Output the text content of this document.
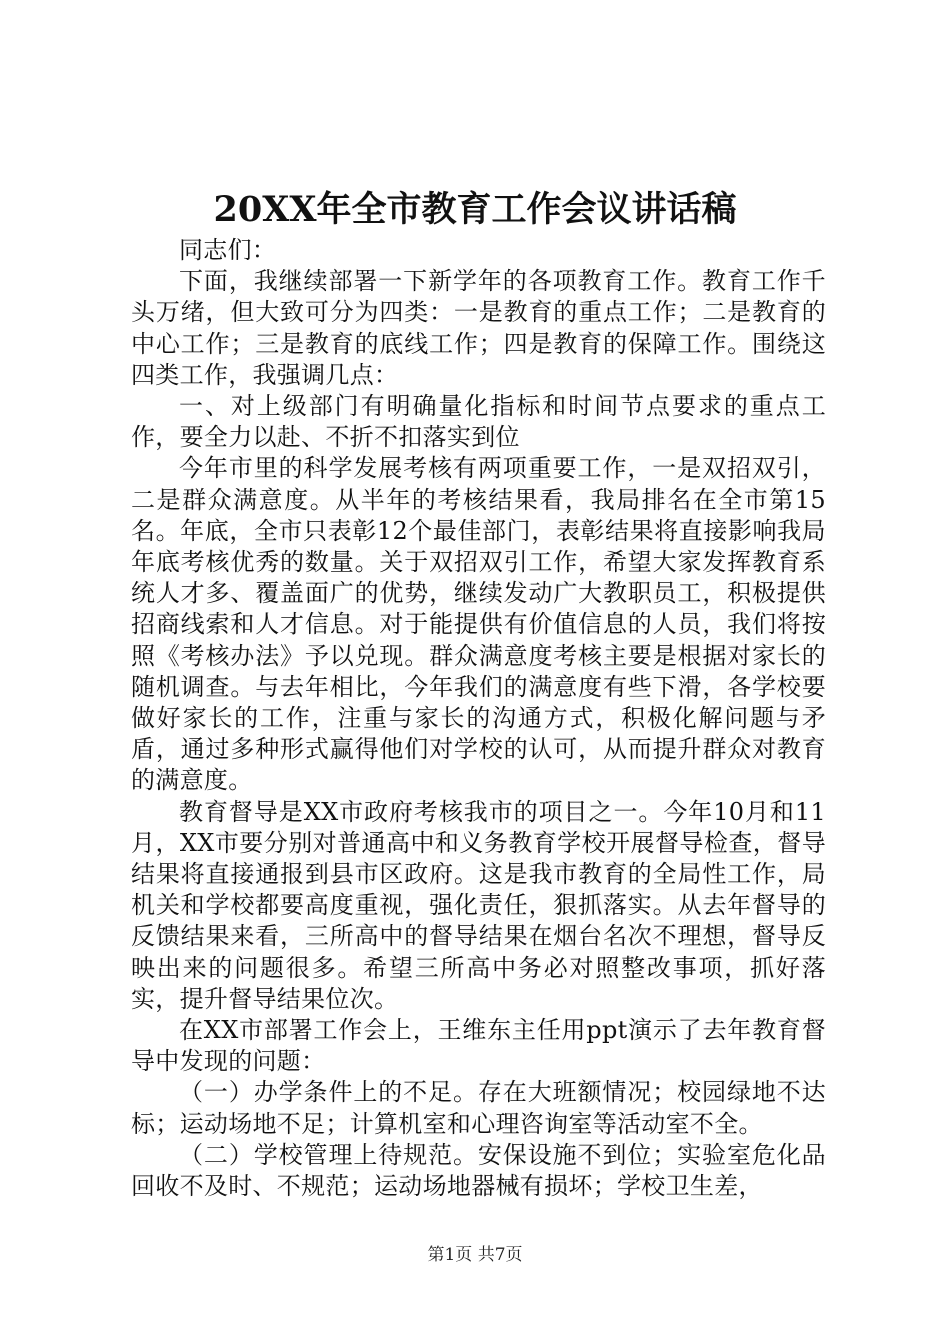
20XX年全市教育工作会议讲话稿

同志们：

下面，我继续部署一下新学年的各项教育工作。教育工作千头万绪，但大致可分为四类：一是教育的重点工作；二是教育的中心工作；三是教育的底线工作；四是教育的保障工作。围绕这四类工作，我强调几点：

一、对上级部门有明确量化指标和时间节点要求的重点工作，要全力以赴、不折不扣落实到位

今年市里的科学发展考核有两项重要工作，一是双招双引，二是群众满意度。从半年的考核结果看，我局排名在全市第15名。年底，全市只表彰12个最佳部门，表彰结果将直接影响我局年底考核优秀的数量。关于双招双引工作，希望大家发挥教育系统人才多、覆盖面广的优势，继续发动广大教职员工，积极提供招商线索和人才信息。对于能提供有价值信息的人员，我们将按照《考核办法》予以兑现。群众满意度考核主要是根据对家长的随机调查。与去年相比，今年我们的满意度有些下滑，各学校要做好家长的工作，注重与家长的沟通方式，积极化解问题与矛盾，通过多种形式赢得他们对学校的认可，从而提升群众对教育的满意度。

教育督导是XX市政府考核我市的项目之一。今年10月和11月，XX市要分别对普通高中和义务教育学校开展督导检查，督导结果将直接通报到县市区政府。这是我市教育的全局性工作，局机关和学校都要高度重视，强化责任，狠抓落实。从去年督导的反馈结果来看，三所高中的督导结果在烟台名次不理想，督导反映出来的问题很多。希望三所高中务必对照整改事项，抓好落实，提升督导结果位次。

在XX市部署工作会上，王维东主任用ppt演示了去年教育督导中发现的问题：

（一）办学条件上的不足。存在大班额情况；校园绿地不达标；运动场地不足；计算机室和心理咨询室等活动室不全。

（二）学校管理上待规范。安保设施不到位；实验室危化品回收不及时、不规范；运动场地器械有损坏；学校卫生差，

第1页 共7页
